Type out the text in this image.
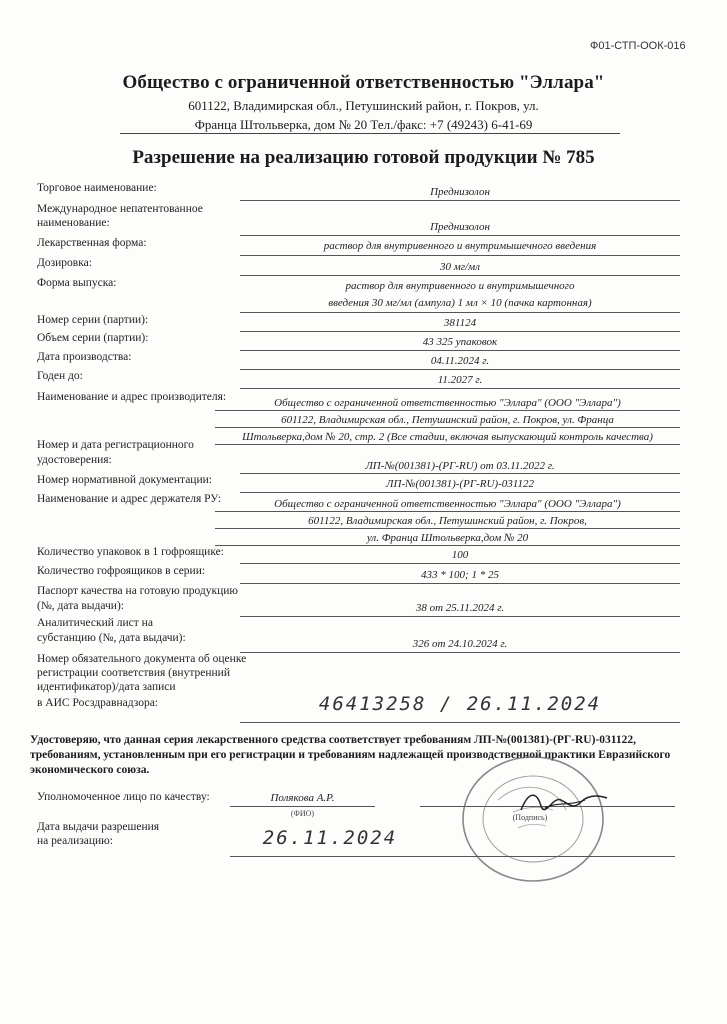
Ф01-СТП-ООК-016
Общество с ограниченной ответственностью "Эллара"
601122, Владимирская обл., Петушинский район, г. Покров, ул.
Франца Штольверка, дом № 20 Тел./факс: +7 (49243) 6-41-69
Разрешение на реализацию готовой продукции № 785
Торговое наименование:	Преднизолон
Международное непатентованное
наименование:	Преднизолон
Лекарственная форма:	раствор для внутривенного и внутримышечного введения
Дозировка:	30 мг/мл
Форма выпуска:	раствор для внутривенного и внутримышечного
введения 30 мг/мл (ампула) 1 мл × 10 (пачка картонная)
Номер серии (партии):	381124
Объем серии (партии):	43 325 упаковок
Дата производства:	04.11.2024 г.
Годен до:	11.2027 г.
Наименование и адрес производителя:	Общество с ограниченной ответственностью "Эллара" (ООО "Эллара")
601122, Владимирская обл., Петушинский район, г. Покров, ул. Франца
Штольверка,дом № 20, стр. 2 (Все стадии, включая выпускающий контроль качества)
Номер и дата регистрационного
удостоверения:	ЛП-№(001381)-(РГ-RU) от 03.11.2022 г.
Номер нормативной документации:	ЛП-№(001381)-(РГ-RU)-031122
Наименование и адрес держателя РУ:	Общество с ограниченной ответственностью "Эллара" (ООО "Эллара")
601122, Владимирская обл., Петушинский район, г. Покров,
ул. Франца Штольверка,дом № 20
Количество упаковок в 1 гофроящике:	100
Количество гофроящиков в серии:	433 * 100; 1 * 25
Паспорт качества на готовую продукцию
(№, дата выдачи):	38 от 25.11.2024 г.
Аналитический лист на
субстанцию (№, дата выдачи):	326 от 24.10.2024 г.
Номер обязательного документа об оценке
регистрации соответствия (внутренний
идентификатор)/дата записи
в АИС Росздравнадзора:	46413258 / 26.11.2024
Удостоверяю, что данная серия лекарственного средства соответствует требованиям ЛП-№(001381)-(РГ-RU)-031122, требованиям, установленным при его регистрации и требованиям надлежащей производственной практики Евразийского экономического союза.
Уполномоченное лицо по качеству:	Полякова А.Р.
(ФИО)	(Подпись)
Дата выдачи разрешения
на реализацию:	26.11.2024
